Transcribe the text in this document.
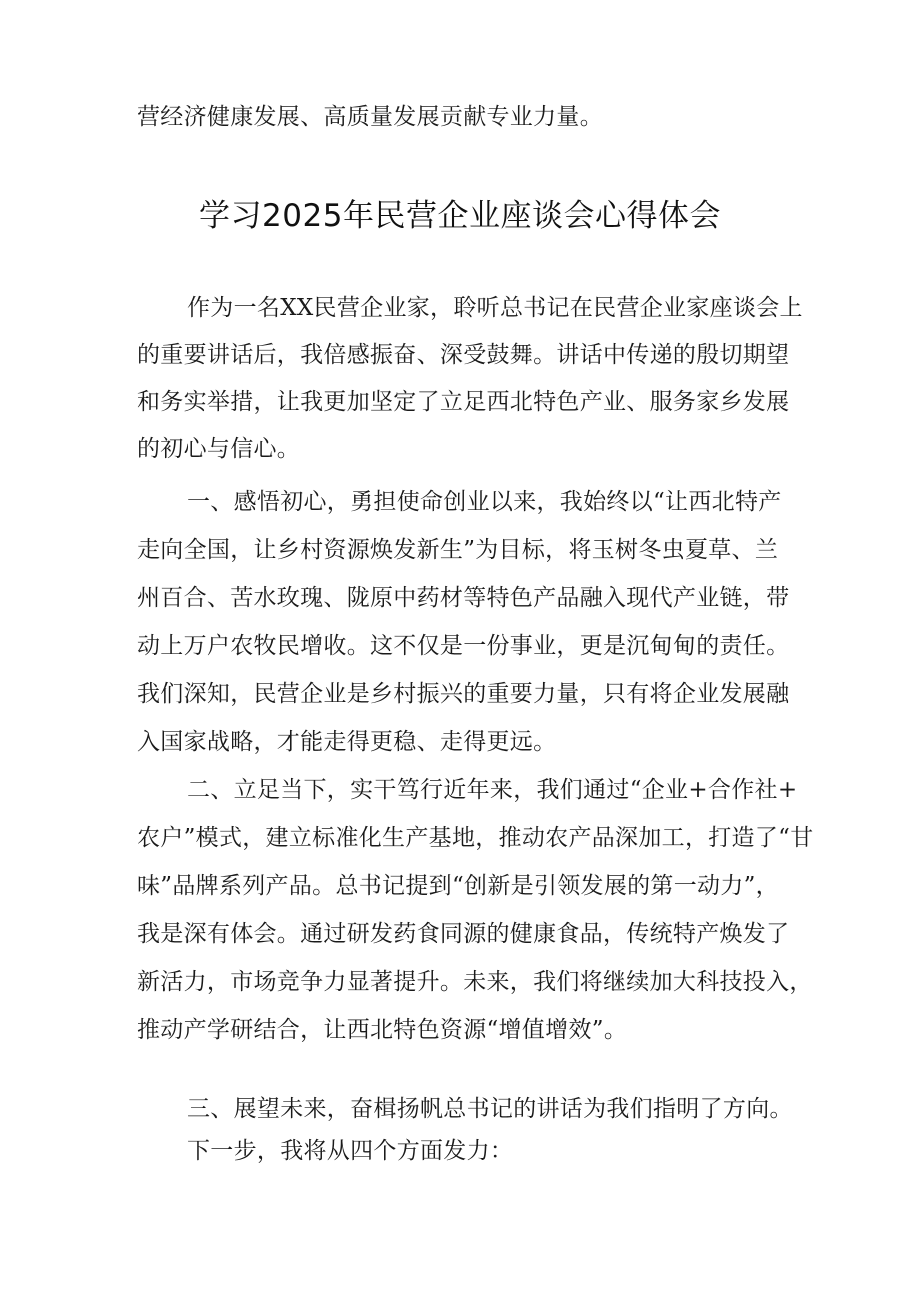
营经济健康发展、高质量发展贡献专业力量。
学习2025年民营企业座谈会心得体会
作为一名XX民营企业家，聆听总书记在民营企业家座谈会上
的重要讲话后，我倍感振奋、深受鼓舞。讲话中传递的殷切期望
和务实举措，让我更加坚定了立足西北特色产业、服务家乡发展
的初心与信心。
一、感悟初心，勇担使命创业以来，我始终以“让西北特产
走向全国，让乡村资源焕发新生”为目标，将玉树冬虫夏草、兰
州百合、苦水玫瑰、陇原中药材等特色产品融入现代产业链，带
动上万户农牧民增收。这不仅是一份事业，更是沉甸甸的责任。
我们深知，民营企业是乡村振兴的重要力量，只有将企业发展融
入国家战略，才能走得更稳、走得更远。
二、立足当下，实干笃行近年来，我们通过“企业+合作社+
农户”模式，建立标准化生产基地，推动农产品深加工，打造了“甘
味”品牌系列产品。总书记提到“创新是引领发展的第一动力”，
我是深有体会。通过研发药食同源的健康食品，传统特产焕发了
新活力，市场竞争力显著提升。未来，我们将继续加大科技投入，
推动产学研结合，让西北特色资源“增值增效”。
三、展望未来，奋楫扬帆总书记的讲话为我们指明了方向。
下一步，我将从四个方面发力：
